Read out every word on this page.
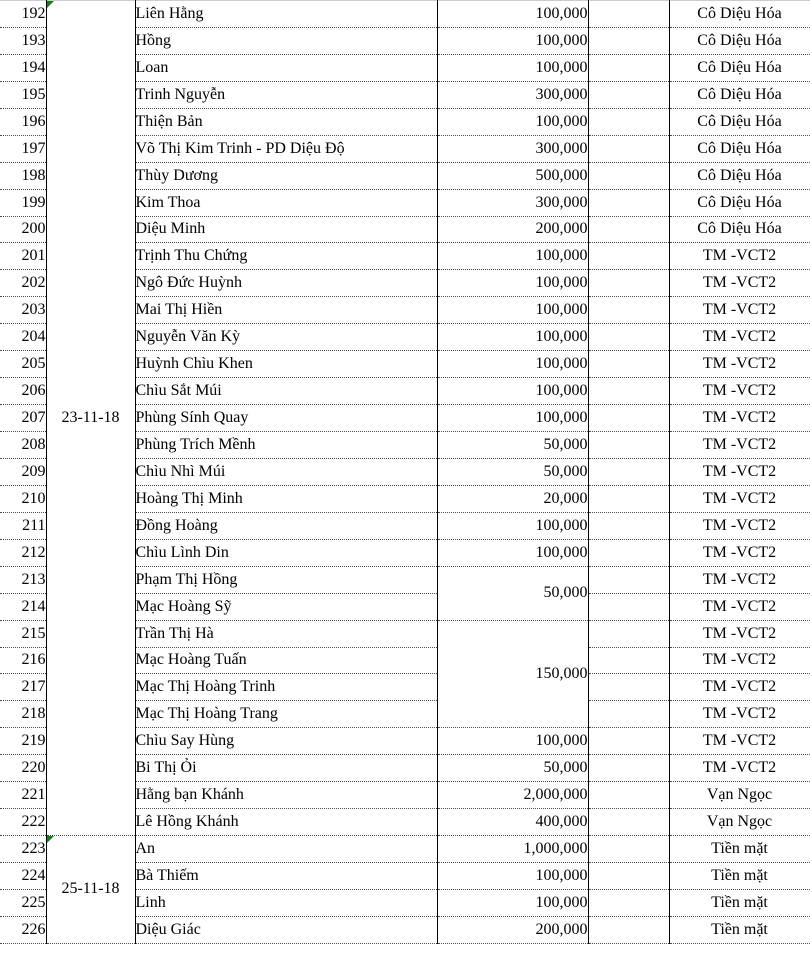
192	23-11-18	Liên Hằng	100,000		Cô Diệu Hóa
193		Hồng	100,000		Cô Diệu Hóa
194		Loan	100,000		Cô Diệu Hóa
195		Trinh Nguyễn	300,000		Cô Diệu Hóa
196		Thiện Bản	100,000		Cô Diệu Hóa
197		Võ Thị Kim Trinh - PD Diệu Độ	300,000		Cô Diệu Hóa
198		Thùy Dương	500,000		Cô Diệu Hóa
199		Kim Thoa	300,000		Cô Diệu Hóa
200		Diệu Minh	200,000		Cô Diệu Hóa
201		Trịnh Thu Chứng	100,000		TM -VCT2
202		Ngô Đức Huỳnh	100,000		TM -VCT2
203		Mai Thị Hiền	100,000		TM -VCT2
204		Nguyễn Văn Kỳ	100,000		TM -VCT2
205		Huỳnh Chìu Khen	100,000		TM -VCT2
206		Chìu Sắt Múi	100,000		TM -VCT2
207		Phùng Sính Quay	100,000		TM -VCT2
208		Phùng Trích Mềnh	50,000		TM -VCT2
209		Chìu Nhì Múi	50,000		TM -VCT2
210		Hoàng Thị Minh	20,000		TM -VCT2
211		Đồng Hoàng	100,000		TM -VCT2
212		Chìu Lình Din	100,000		TM -VCT2
213		Phạm Thị Hồng	50,000		TM -VCT2
214		Mạc Hoàng Sỹ			TM -VCT2
215		Trần Thị Hà	150,000		TM -VCT2
216		Mạc Hoàng Tuấn			TM -VCT2
217		Mạc Thị Hoàng Trinh			TM -VCT2
218		Mạc Thị Hoàng Trang			TM -VCT2
219		Chìu Say Hùng	100,000		TM -VCT2
220		Bi Thị Ỏi	50,000		TM -VCT2
221		Hằng bạn Khánh	2,000,000		Vạn Ngọc
222		Lê Hồng Khánh	400,000		Vạn Ngọc
223	25-11-18	An	1,000,000		Tiền mặt
224		Bà Thiếm	100,000		Tiền mặt
225		Linh	100,000		Tiền mặt
226		Diệu Giác	200,000		Tiền mặt
